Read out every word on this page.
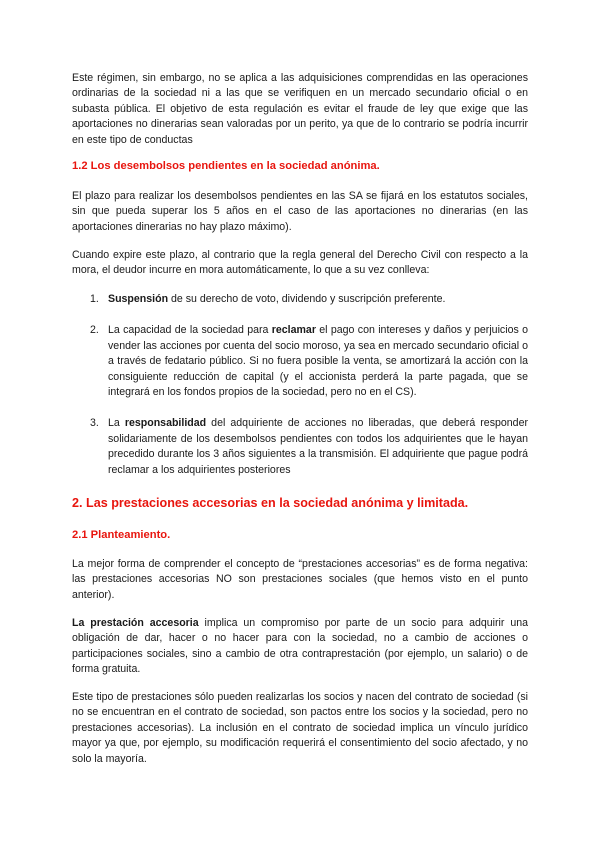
Este régimen, sin embargo, no se aplica a las adquisiciones comprendidas en las operaciones ordinarias de la sociedad ni a las que se verifiquen en un mercado secundario oficial o en subasta pública. El objetivo de esta regulación es evitar el fraude de ley que exige que las aportaciones no dinerarias sean valoradas por un perito, ya que de lo contrario se podría incurrir en este tipo de conductas

1.2 Los desembolsos pendientes en la sociedad anónima.

El plazo para realizar los desembolsos pendientes en las SA se fijará en los estatutos sociales, sin que pueda superar los 5 años en el caso de las aportaciones no dinerarias (en las aportaciones dinerarias no hay plazo máximo).

Cuando expire este plazo, al contrario que la regla general del Derecho Civil con respecto a la mora, el deudor incurre en mora automáticamente, lo que a su vez conlleva:

1. Suspensión de su derecho de voto, dividendo y suscripción preferente.

2. La capacidad de la sociedad para reclamar el pago con intereses y daños y perjuicios o vender las acciones por cuenta del socio moroso, ya sea en mercado secundario oficial o a través de fedatario público. Si no fuera posible la venta, se amortizará la acción con la consiguiente reducción de capital (y el accionista perderá la parte pagada, que se integrará en los fondos propios de la sociedad, pero no en el CS).

3. La responsabilidad del adquiriente de acciones no liberadas, que deberá responder solidariamente de los desembolsos pendientes con todos los adquirientes que le hayan precedido durante los 3 años siguientes a la transmisión. El adquiriente que pague podrá reclamar a los adquirientes posteriores

2. Las prestaciones accesorias en la sociedad anónima y limitada.
2.1 Planteamiento.

La mejor forma de comprender el concepto de “prestaciones accesorias” es de forma negativa: las prestaciones accesorias NO son prestaciones sociales (que hemos visto en el punto anterior).

La prestación accesoria implica un compromiso por parte de un socio para adquirir una obligación de dar, hacer o no hacer para con la sociedad, no a cambio de acciones o participaciones sociales, sino a cambio de otra contraprestación (por ejemplo, un salario) o de forma gratuita.

Este tipo de prestaciones sólo pueden realizarlas los socios y nacen del contrato de sociedad (si no se encuentran en el contrato de sociedad, son pactos entre los socios y la sociedad, pero no prestaciones accesorias). La inclusión en el contrato de sociedad implica un vínculo jurídico mayor ya que, por ejemplo, su modificación requerirá el consentimiento del socio afectado, y no solo la mayoría.
